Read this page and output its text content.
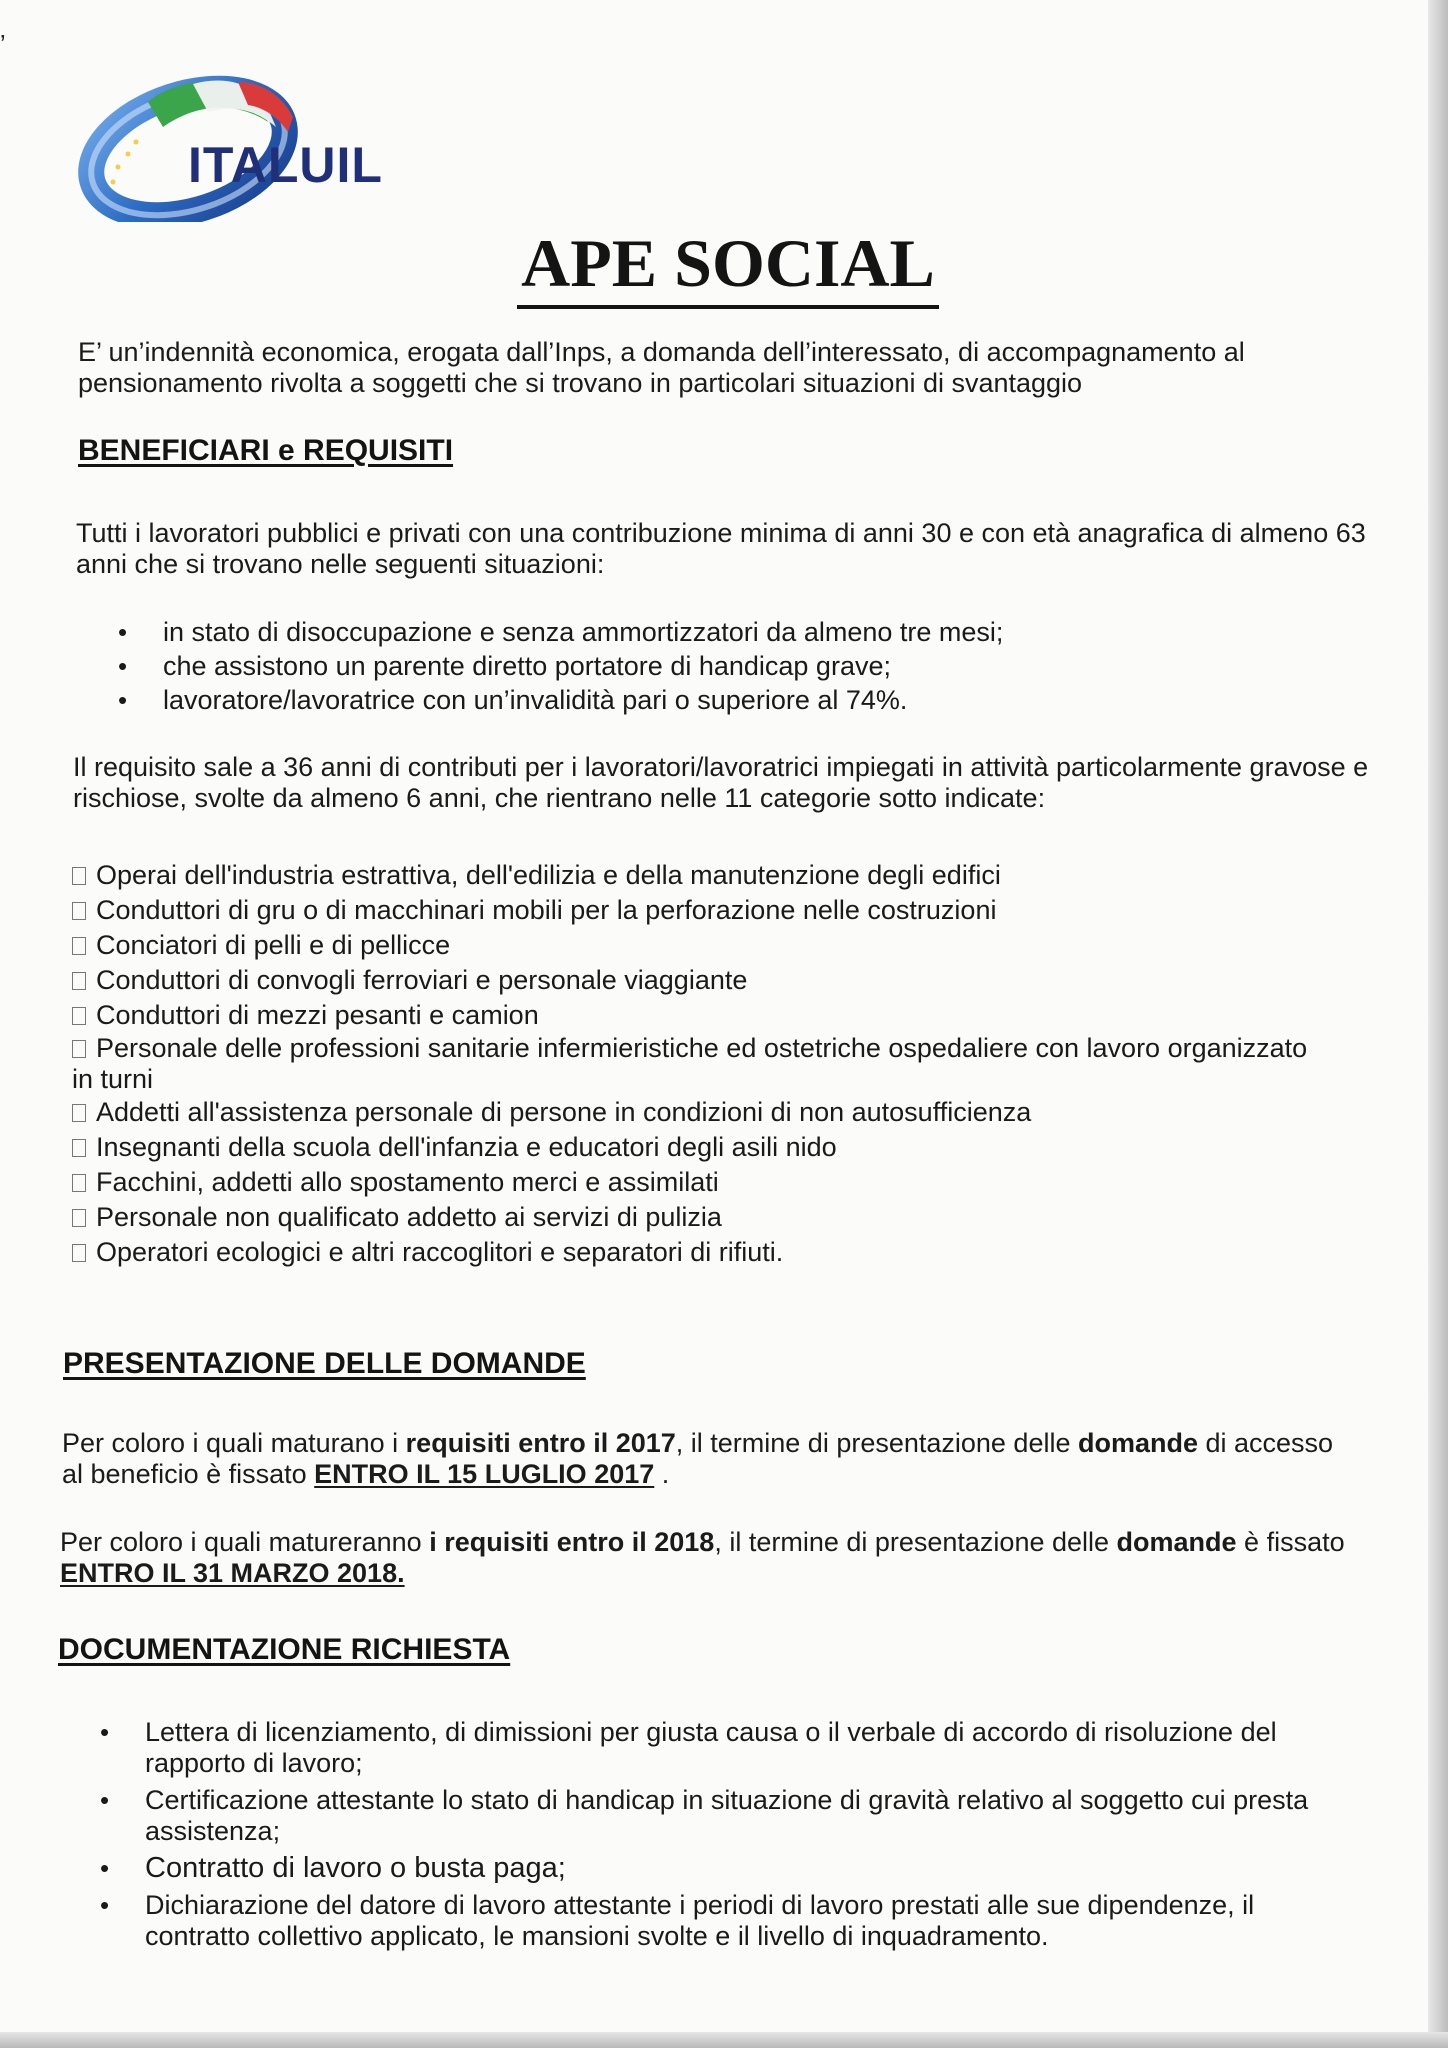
ʼ
ITALUIL
APE SOCIAL

E’ un’indennità economica, erogata dall’Inps, a domanda dell’interessato, di accompagnamento al pensionamento rivolta a soggetti che si trovano in particolari situazioni di svantaggio

BENEFICIARI e REQUISITI

Tutti i lavoratori pubblici e privati con una contribuzione minima di anni 30 e con età anagrafica di almeno 63 anni che si trovano nelle seguenti situazioni:

• in stato di disoccupazione e senza ammortizzatori da almeno tre mesi;
• che assistono un parente diretto portatore di handicap grave;
• lavoratore/lavoratrice con un’invalidità pari o superiore al 74%.

Il requisito sale a 36 anni di contributi per i lavoratori/lavoratrici impiegati in attività particolarmente gravose e rischiose, svolte da almeno 6 anni, che rientrano nelle 11 categorie sotto indicate:

Operai dell'industria estrattiva, dell'edilizia e della manutenzione degli edifici
Conduttori di gru o di macchinari mobili per la perforazione nelle costruzioni
Conciatori di pelli e di pellicce
Conduttori di convogli ferroviari e personale viaggiante
Conduttori di mezzi pesanti e camion
Personale delle professioni sanitarie infermieristiche ed ostetriche ospedaliere con lavoro organizzato in turni
Addetti all'assistenza personale di persone in condizioni di non autosufficienza
Insegnanti della scuola dell'infanzia e educatori degli asili nido
Facchini, addetti allo spostamento merci e assimilati
Personale non qualificato addetto ai servizi di pulizia
Operatori ecologici e altri raccoglitori e separatori di rifiuti.
PRESENTAZIONE DELLE DOMANDE

Per coloro i quali maturano i requisiti entro il 2017, il termine di presentazione delle domande di accesso al beneficio è fissato ENTRO IL 15 LUGLIO 2017 .

Per coloro i quali matureranno i requisiti entro il 2018, il termine di presentazione delle domande è fissato ENTRO IL 31 MARZO 2018.

DOCUMENTAZIONE RICHIESTA
• Lettera di licenziamento, di dimissioni per giusta causa o il verbale di accordo di risoluzione del rapporto di lavoro;
• Certificazione attestante lo stato di handicap in situazione di gravità relativo al soggetto cui presta assistenza;
• Contratto di lavoro o busta paga;
• Dichiarazione del datore di lavoro attestante i periodi di lavoro prestati alle sue dipendenze, il contratto collettivo applicato, le mansioni svolte e il livello di inquadramento.
